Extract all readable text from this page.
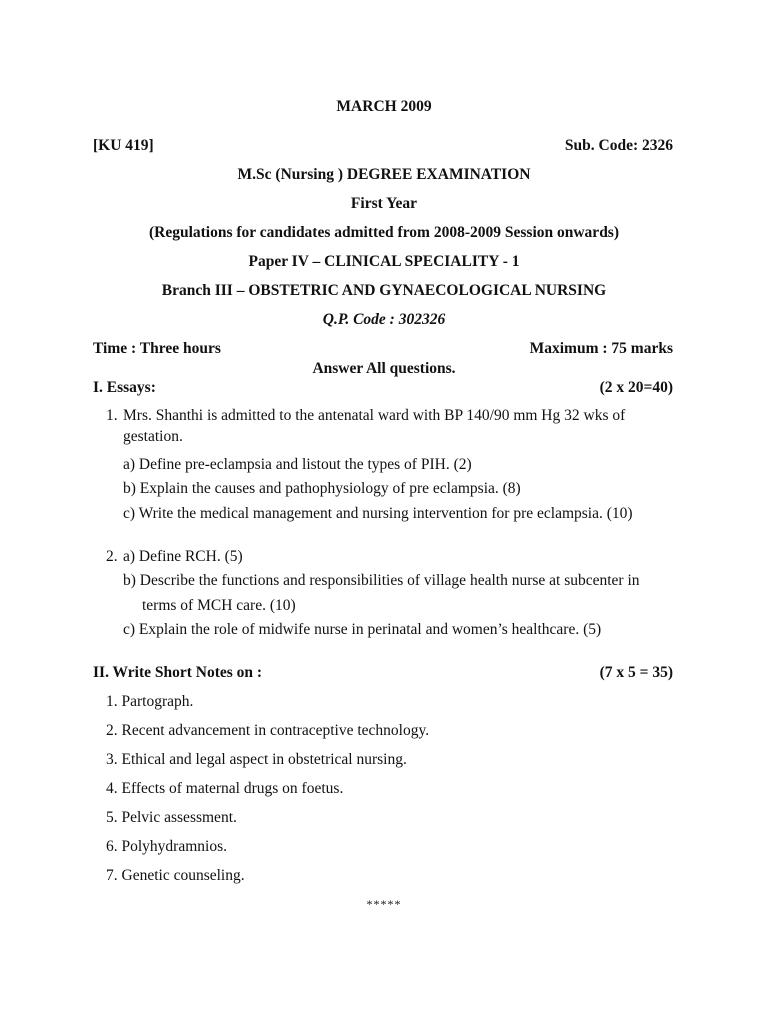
MARCH 2009
[KU 419]	Sub. Code: 2326
M.Sc (Nursing ) DEGREE EXAMINATION
First Year
(Regulations for candidates admitted from 2008-2009 Session onwards)
Paper IV – CLINICAL SPECIALITY - 1
Branch III – OBSTETRIC AND GYNAECOLOGICAL NURSING
Q.P. Code : 302326
Time : Three hours	Maximum : 75 marks
Answer All questions.
I. Essays:	(2 x 20=40)
1. Mrs. Shanthi is admitted to the antenatal ward with BP 140/90 mm Hg 32 wks of
gestation.
a) Define pre-eclampsia and listout the types of PIH. (2)
b) Explain the causes and pathophysiology of pre eclampsia. (8)
c) Write the medical management and nursing intervention for pre eclampsia. (10)
2. a) Define RCH. (5)
b) Describe the functions and responsibilities of village health nurse at subcenter in
terms of MCH care. (10)
c) Explain the role of midwife nurse in perinatal and women’s healthcare. (5)
II. Write Short Notes on :	(7 x 5 = 35)
1. Partograph.
2. Recent advancement in contraceptive technology.
3. Ethical and legal aspect in obstetrical nursing.
4. Effects of maternal drugs on foetus.
5. Pelvic assessment.
6. Polyhydramnios.
7. Genetic counseling.
*****
